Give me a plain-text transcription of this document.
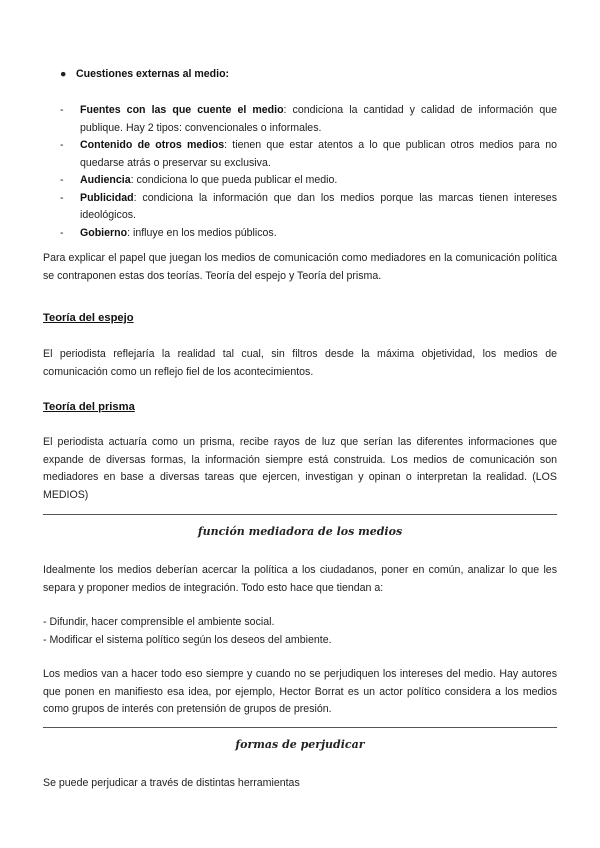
● Cuestiones externas al medio:
- Fuentes con las que cuente el medio: condiciona la cantidad y calidad de información que publique. Hay 2 tipos: convencionales o informales.
- Contenido de otros medios: tienen que estar atentos a lo que publican otros medios para no quedarse atrás o preservar su exclusiva.
- Audiencia: condiciona lo que pueda publicar el medio.
- Publicidad: condiciona la información que dan los medios porque las marcas tienen intereses ideológicos.
- Gobierno: influye en los medios públicos.

Para explicar el papel que juegan los medios de comunicación como mediadores en la comunicación política se contraponen estas dos teorías. Teoría del espejo y Teoría del prisma.

Teoría del espejo

El periodista reflejaría la realidad tal cual, sin filtros desde la máxima objetividad, los medios de comunicación como un reflejo fiel de los acontecimientos.

Teoría del prisma

El periodista actuaría como un prisma, recibe rayos de luz que serían las diferentes informaciones que expande de diversas formas, la información siempre está construida. Los medios de comunicación son mediadores en base a diversas tareas que ejercen, investigan y opinan o interpretan la realidad. (LOS MEDIOS)

función mediadora de los medios

Idealmente los medios deberían acercar la política a los ciudadanos, poner en común, analizar lo que les separa y proponer medios de integración. Todo esto hace que tiendan a:

- Difundir, hacer comprensible el ambiente social.
- Modificar el sistema político según los deseos del ambiente.

Los medios van a hacer todo eso siempre y cuando no se perjudiquen los intereses del medio. Hay autores que ponen en manifiesto esa idea, por ejemplo, Hector Borrat es un actor político considera a los medios como grupos de interés con pretensión de grupos de presión.

formas de perjudicar

Se puede perjudicar a través de distintas herramientas
